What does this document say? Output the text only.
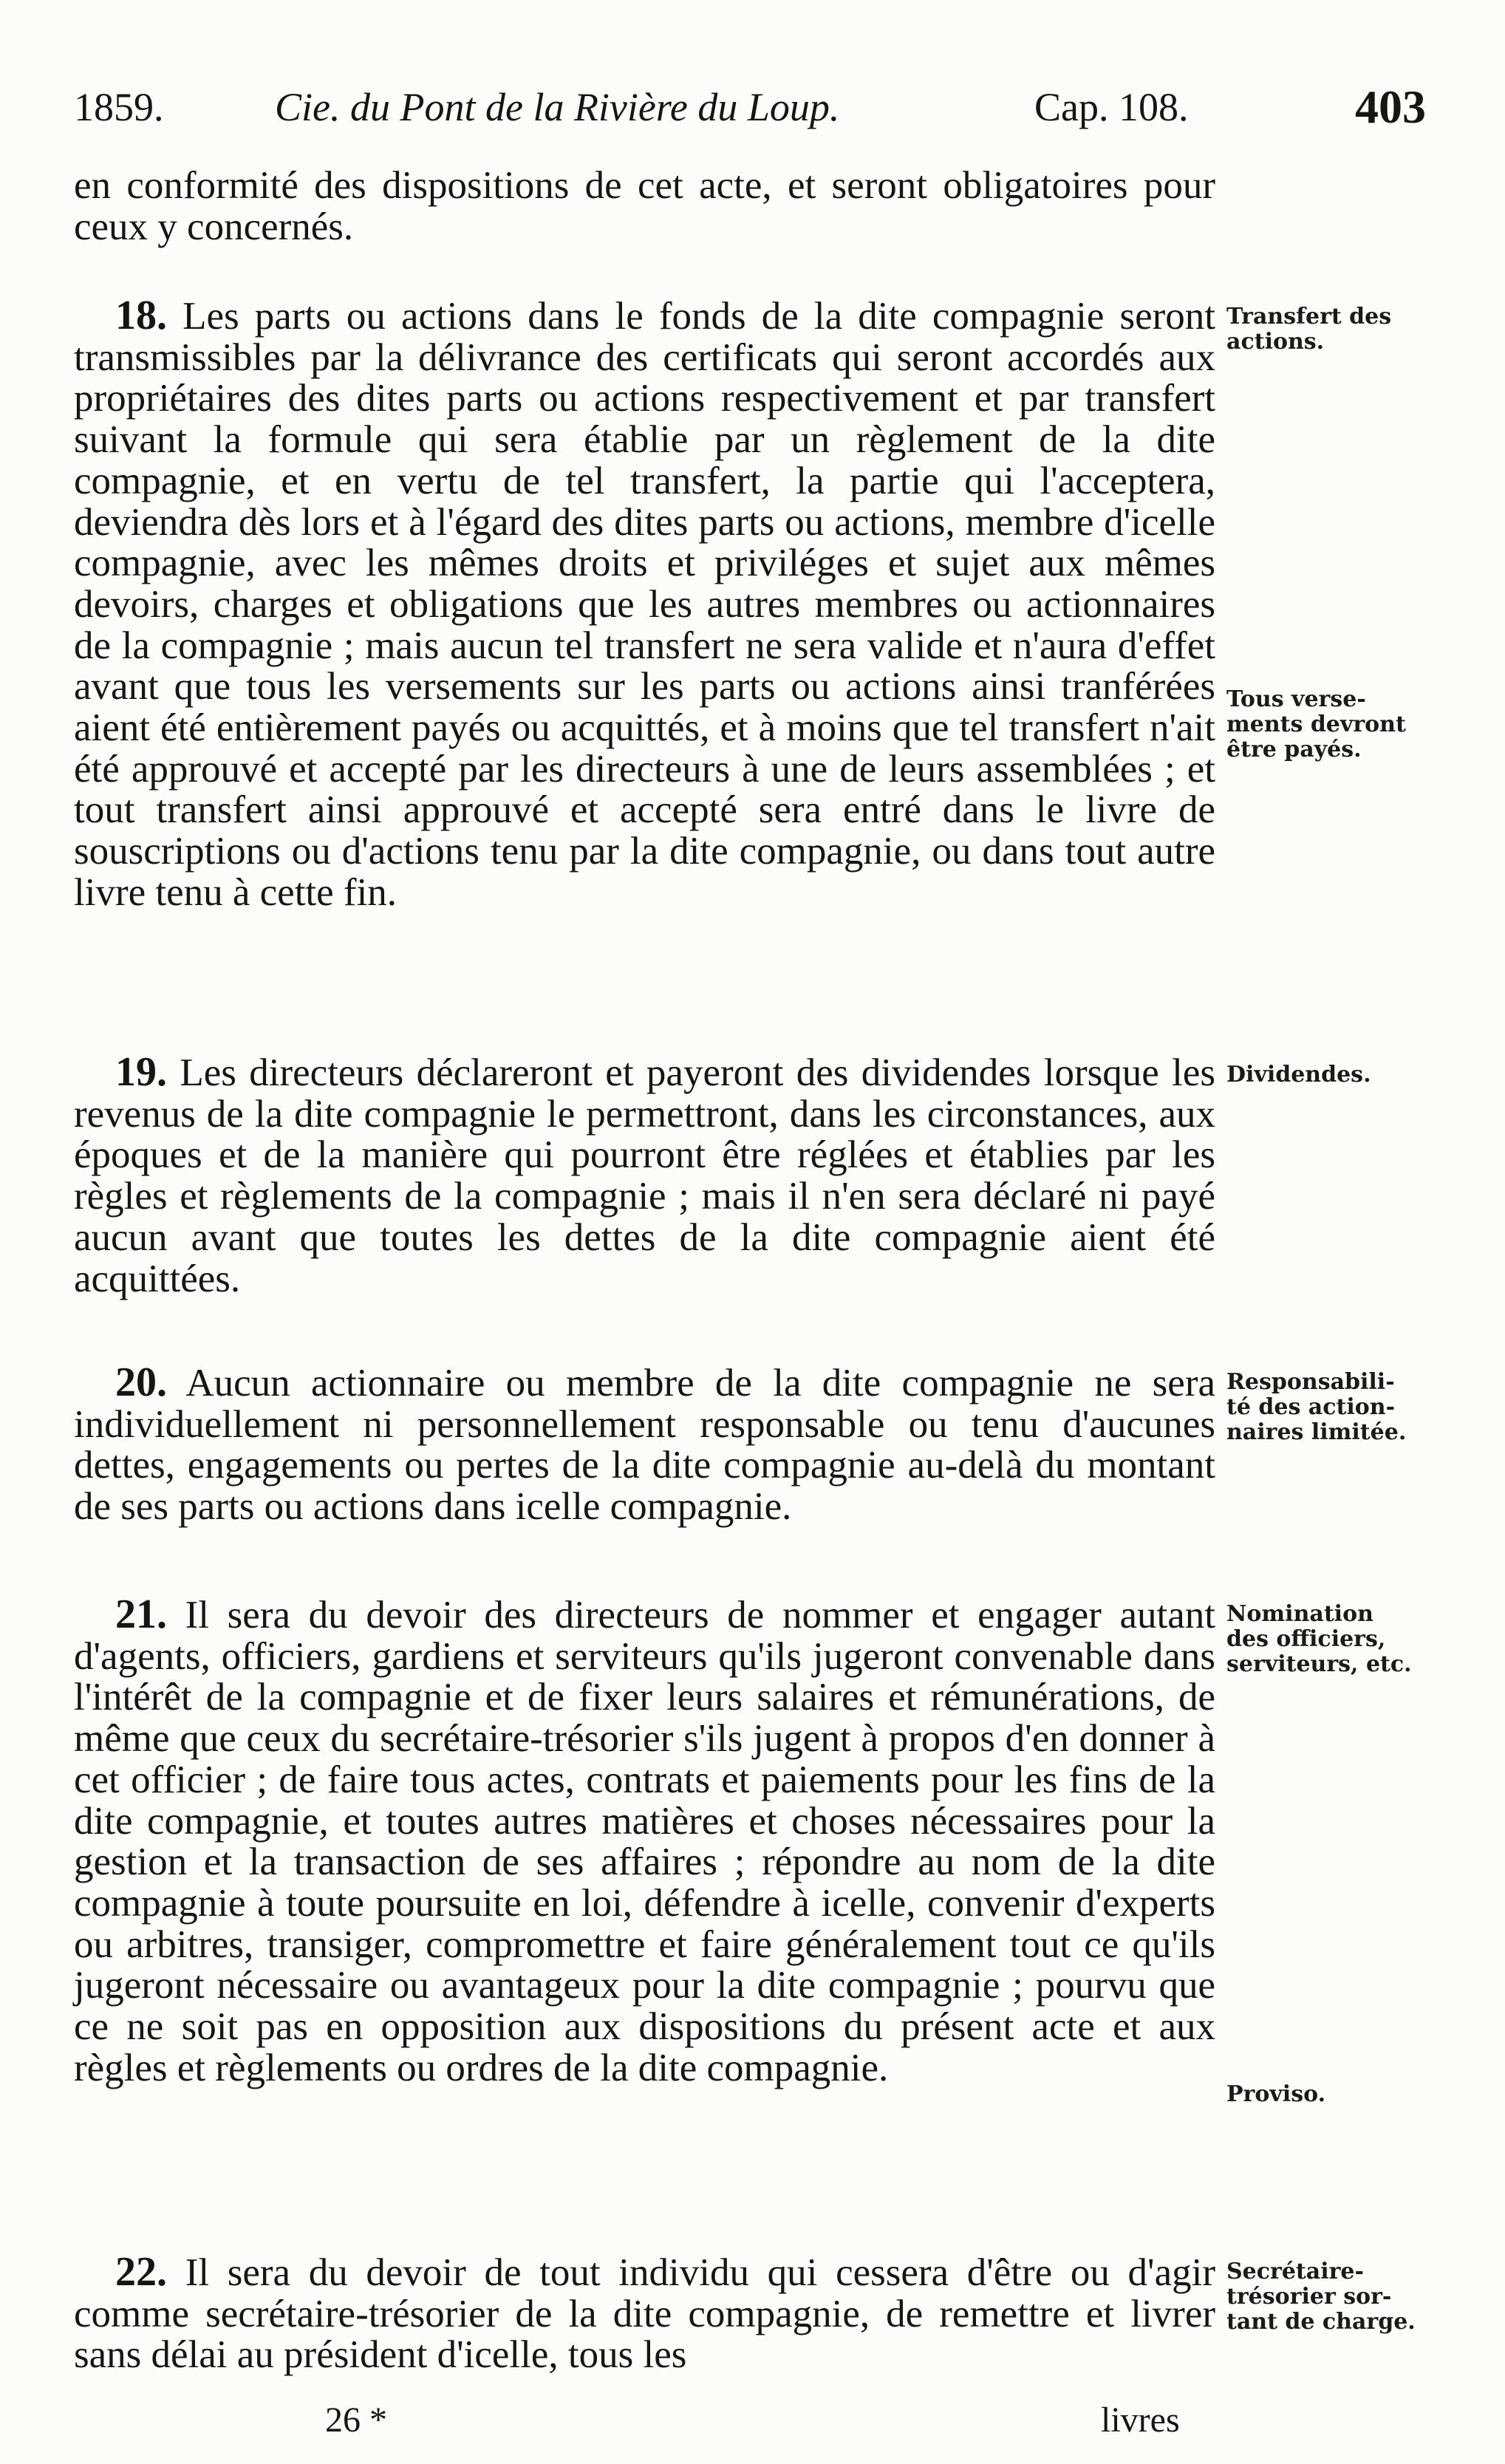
1859.	Cie. du Pont de la Rivière du Loup.	Cap. 108.	403

en conformité des dispositions de cet acte, et seront obligatoires pour ceux y concernés.

18. Les parts ou actions dans le fonds de la dite compagnie seront transmissibles par la délivrance des certificats qui seront accordés aux propriétaires des dites parts ou actions respectivement et par transfert suivant la formule qui sera établie par un règlement de la dite compagnie, et en vertu de tel transfert, la partie qui l'acceptera, deviendra dès lors et à l'égard des dites parts ou actions, membre d'icelle compagnie, avec les mêmes droits et priviléges et sujet aux mêmes devoirs, charges et obligations que les autres membres ou actionnaires de la compagnie ; mais aucun tel transfert ne sera valide et n'aura d'effet avant que tous les versements sur les parts ou actions ainsi tranférées aient été entièrement payés ou acquittés, et à moins que tel transfert n'ait été approuvé et accepté par les directeurs à une de leurs assemblées ; et tout transfert ainsi approuvé et accepté sera entré dans le livre de souscriptions ou d'actions tenu par la dite compagnie, ou dans tout autre livre tenu à cette fin.

19. Les directeurs déclareront et payeront des dividendes lorsque les revenus de la dite compagnie le permettront, dans les circonstances, aux époques et de la manière qui pourront être réglées et établies par les règles et règlements de la compagnie ; mais il n'en sera déclaré ni payé aucun avant que toutes les dettes de la dite compagnie aient été acquittées.

20. Aucun actionnaire ou membre de la dite compagnie ne sera individuellement ni personnellement responsable ou tenu d'aucunes dettes, engagements ou pertes de la dite compagnie au-delà du montant de ses parts ou actions dans icelle compagnie.

21. Il sera du devoir des directeurs de nommer et engager autant d'agents, officiers, gardiens et serviteurs qu'ils jugeront convenable dans l'intérêt de la compagnie et de fixer leurs salaires et rémunérations, de même que ceux du secrétaire-trésorier s'ils jugent à propos d'en donner à cet officier ; de faire tous actes, contrats et paiements pour les fins de la dite compagnie, et toutes autres matières et choses nécessaires pour la gestion et la transaction de ses affaires ; répondre au nom de la dite compagnie à toute poursuite en loi, défendre à icelle, convenir d'experts ou arbitres, transiger, compromettre et faire généralement tout ce qu'ils jugeront nécessaire ou avantageux pour la dite compagnie ; pourvu que ce ne soit pas en opposition aux dispositions du présent acte et aux règles et règlements ou ordres de la dite compagnie.

22. Il sera du devoir de tout individu qui cessera d'être ou d'agir comme secrétaire-trésorier de la dite compagnie, de remettre et livrer sans délai au président d'icelle, tous les

Transfert des
actions.
Tous verse-
ments devront
être payés.
Dividendes.
Responsabili-
té des action-
naires limitée.
Nomination
des officiers,
serviteurs, etc.
Proviso.
Secrétaire-
trésorier sor-
tant de charge.
26 *	livres
